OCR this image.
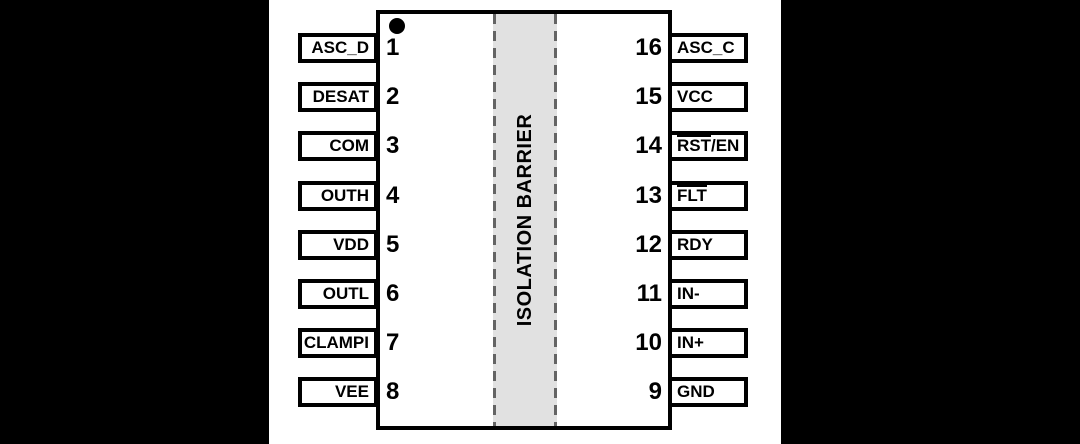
ISOLATION BARRIER
ASC_D 1
DESAT 2
COM 3
OUTH 4
VDD 5
OUTL 6
CLAMPI 7
VEE 8
16 ASC_C
15 VCC
14 RST/EN
13 FLT
12 RDY
11 IN-
10 IN+
9 GND
